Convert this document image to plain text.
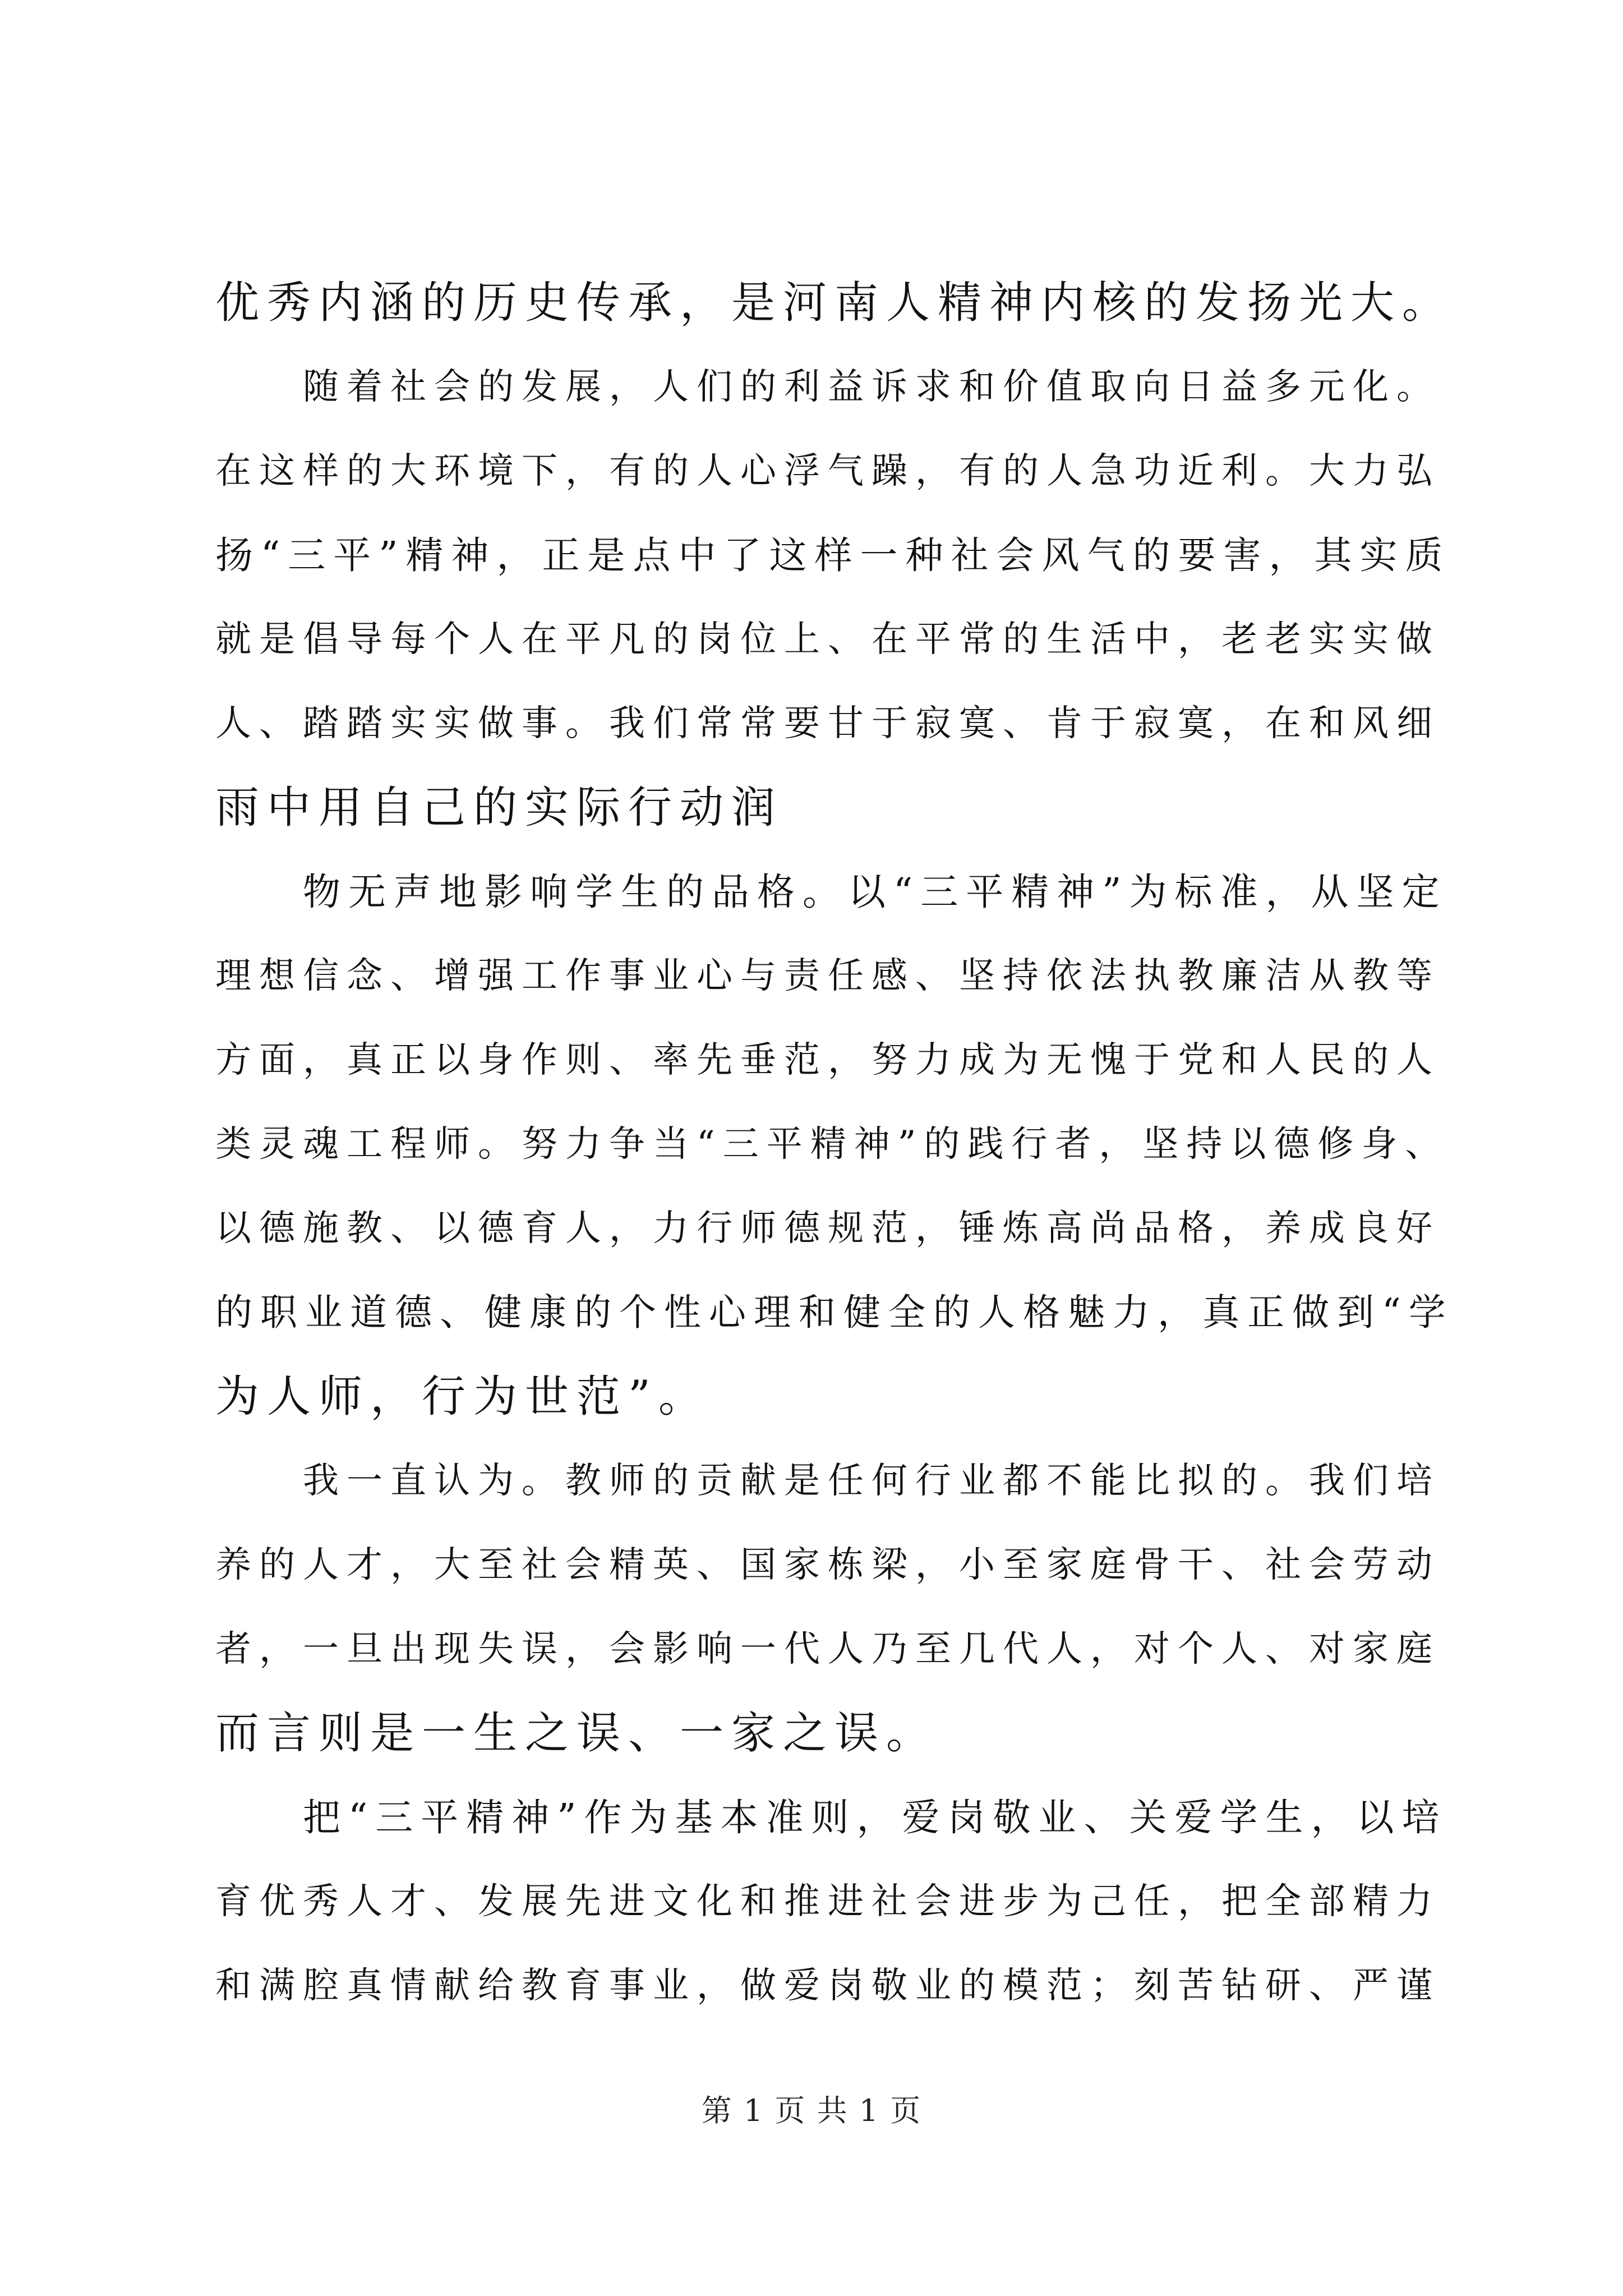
优秀内涵的历史传承，是河南人精神内核的发扬光大。
随着社会的发展，人们的利益诉求和价值取向日益多元化。
在这样的大环境下，有的人心浮气躁，有的人急功近利。大力弘
扬“三平”精神，正是点中了这样一种社会风气的要害，其实质
就是倡导每个人在平凡的岗位上、在平常的生活中，老老实实做
人、踏踏实实做事。我们常常要甘于寂寞、肯于寂寞，在和风细
雨中用自己的实际行动润
物无声地影响学生的品格。以“三平精神”为标准，从坚定
理想信念、增强工作事业心与责任感、坚持依法执教廉洁从教等
方面，真正以身作则、率先垂范，努力成为无愧于党和人民的人
类灵魂工程师。努力争当“三平精神”的践行者，坚持以德修身、
以德施教、以德育人，力行师德规范，锤炼高尚品格，养成良好
的职业道德、健康的个性心理和健全的人格魅力，真正做到“学
为人师，行为世范”。
我一直认为。教师的贡献是任何行业都不能比拟的。我们培
养的人才，大至社会精英、国家栋梁，小至家庭骨干、社会劳动
者，一旦出现失误，会影响一代人乃至几代人，对个人、对家庭
而言则是一生之误、一家之误。
把“三平精神”作为基本准则，爱岗敬业、关爱学生，以培
育优秀人才、发展先进文化和推进社会进步为己任，把全部精力
和满腔真情献给教育事业，做爱岗敬业的模范；刻苦钻研、严谨
第 1 页 共 1 页
